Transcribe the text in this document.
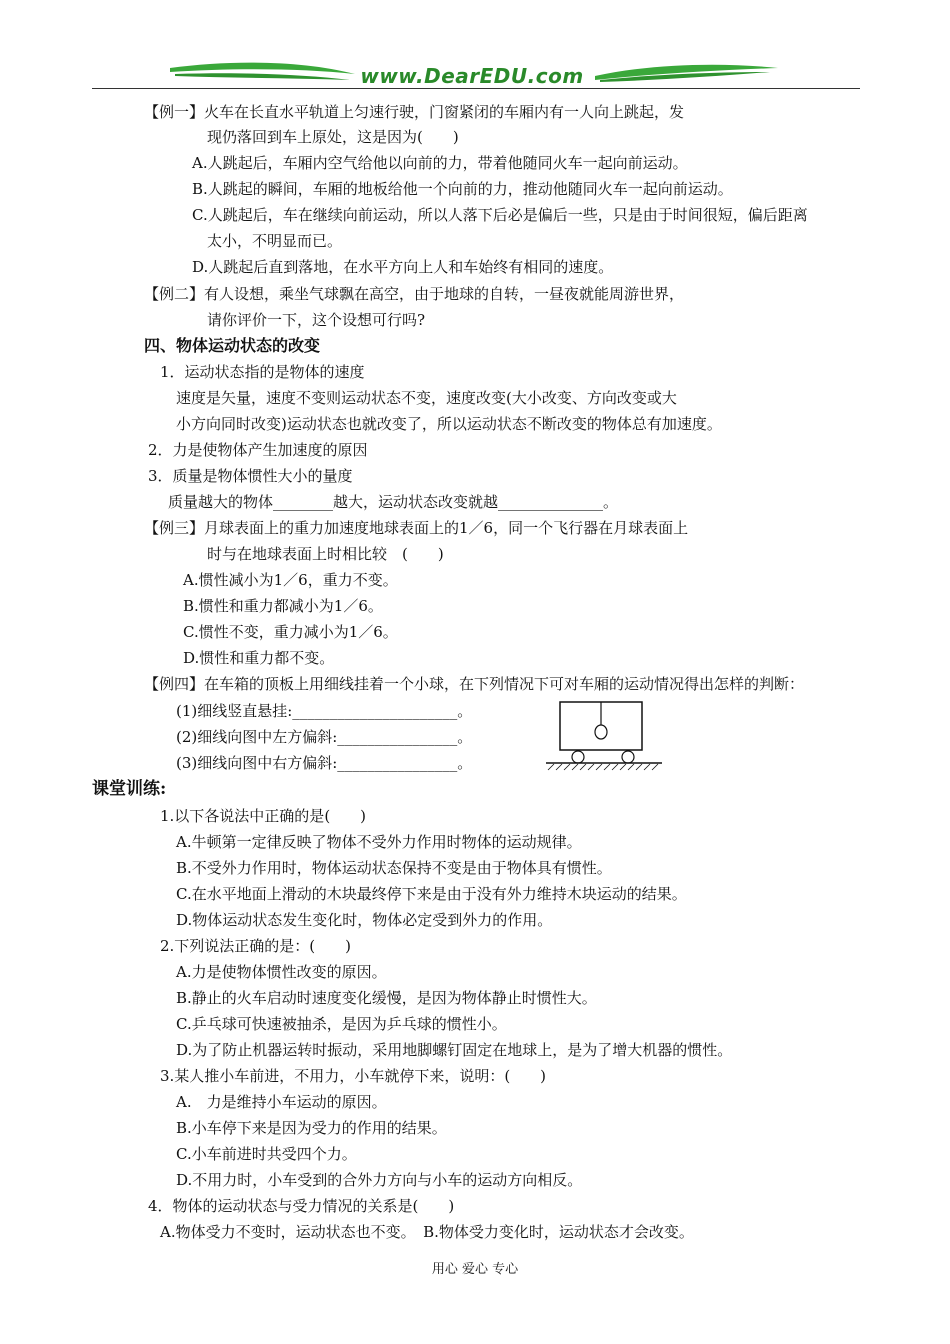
www.DearEDU.com
【例一】火车在长直水平轨道上匀速行驶，门窗紧闭的车厢内有一人向上跳起，发
现仍落回到车上原处，这是因为(　　)
A.人跳起后，车厢内空气给他以向前的力，带着他随同火车一起向前运动。
B.人跳起的瞬间，车厢的地板给他一个向前的力，推动他随同火车一起向前运动。
C.人跳起后，车在继续向前运动，所以人落下后必是偏后一些，只是由于时间很短，偏后距离
太小，不明显而已。
D.人跳起后直到落地，在水平方向上人和车始终有相同的速度。
【例二】有人设想，乘坐气球飘在高空，由于地球的自转，一昼夜就能周游世界，
请你评价一下，这个设想可行吗?
四、物体运动状态的改变
1．运动状态指的是物体的速度
速度是矢量，速度不变则运动状态不变，速度改变(大小改变、方向改变或大
小方向同时改变)运动状态也就改变了，所以运动状态不断改变的物体总有加速度。
2．力是使物体产生加速度的原因
3．质量是物体惯性大小的量度
质量越大的物体________越大，运动状态改变就越______________。
【例三】月球表面上的重力加速度地球表面上的1／6，同一个飞行器在月球表面上
时与在地球表面上时相比较　(　　)
A.惯性减小为1／6，重力不变。
B.惯性和重力都减小为1／6。
C.惯性不变，重力减小为1／6。
D.惯性和重力都不变。
【例四】在车箱的顶板上用细线挂着一个小球，在下列情况下可对车厢的运动情况得出怎样的判断：
(1)细线竖直悬挂:______________________。
(2)细线向图中左方偏斜:________________。
(3)细线向图中右方偏斜:________________。
课堂训练:
1.以下各说法中正确的是(　　)
A.牛顿第一定律反映了物体不受外力作用时物体的运动规律。
B.不受外力作用时，物体运动状态保持不变是由于物体具有惯性。
C.在水平地面上滑动的木块最终停下来是由于没有外力维持木块运动的结果。
D.物体运动状态发生变化时，物体必定受到外力的作用。
2.下列说法正确的是：(　　)
A.力是使物体惯性改变的原因。
B.静止的火车启动时速度变化缓慢，是因为物体静止时惯性大。
C.乒乓球可快速被抽杀，是因为乒乓球的惯性小。
D.为了防止机器运转时振动，采用地脚螺钉固定在地球上，是为了增大机器的惯性。
3.某人推小车前进，不用力，小车就停下来，说明：(　　)
A.　力是维持小车运动的原因。
B.小车停下来是因为受力的作用的结果。
C.小车前进时共受四个力。
D.不用力时，小车受到的合外力方向与小车的运动方向相反。
4．物体的运动状态与受力情况的关系是(　　)
A.物体受力不变时，运动状态也不变。　B.物体受力变化时，运动状态才会改变。
用心 爱心 专心
